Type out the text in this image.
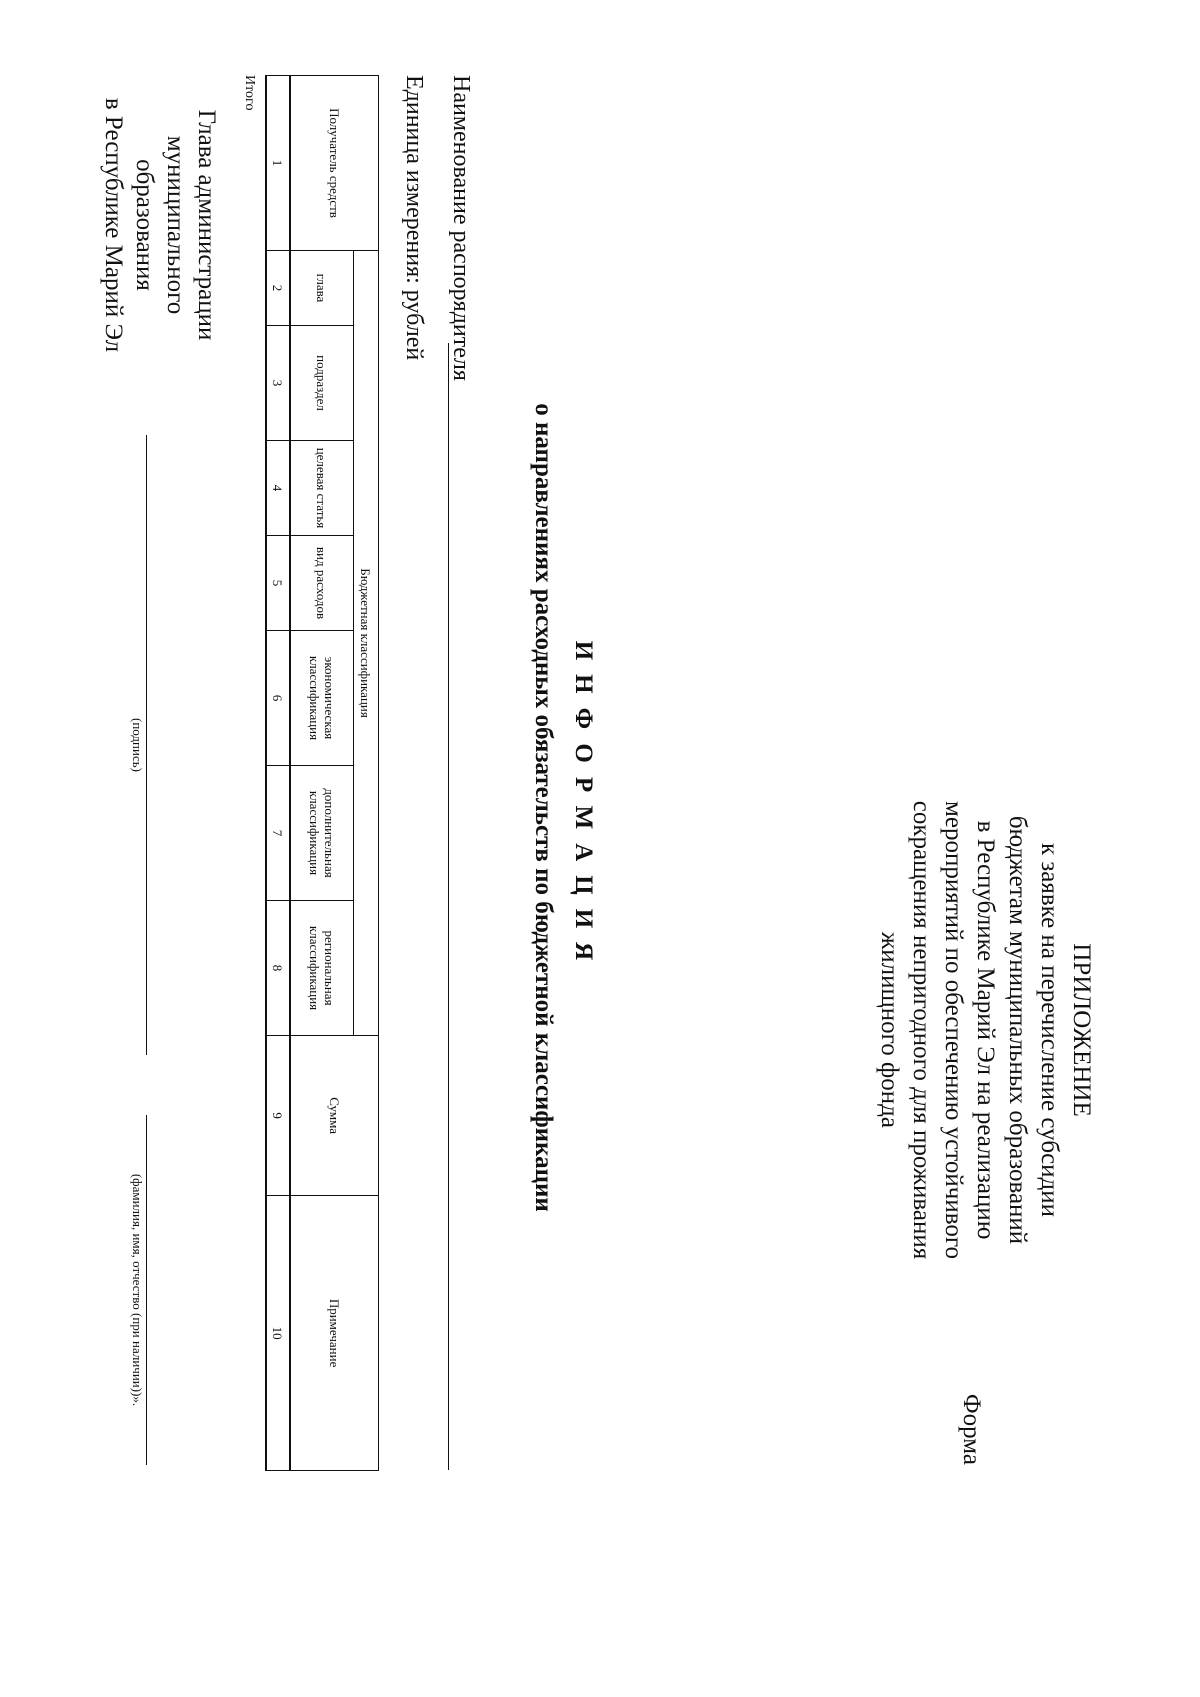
ПРИЛОЖЕНИЕ
к заявке на перечисление субсидии
бюджетам муниципальных образований
в Республике Марий Эл на реализацию
мероприятий по обеспечению устойчивого
сокращения непригодного для проживания
жилищного фонда
Форма
ИНФОРМАЦИЯ
о направлениях расходных обязательств по бюджетной классификации
Наименование распорядителя
Единица измерения: рублей
Получатель средств	Бюджетная классификация							Сумма	Примечание
	глава	подраздел	целевая статья	вид расходов	экономическая классификация	дополнительная классификация	региональная классификация		
1	2	3	4	5	6	7	8	9	10
Итого
Глава администрации
муниципального образования
в Республике Марий Эл
(подпись)
(фамилия, имя, отчество (при наличии))».
